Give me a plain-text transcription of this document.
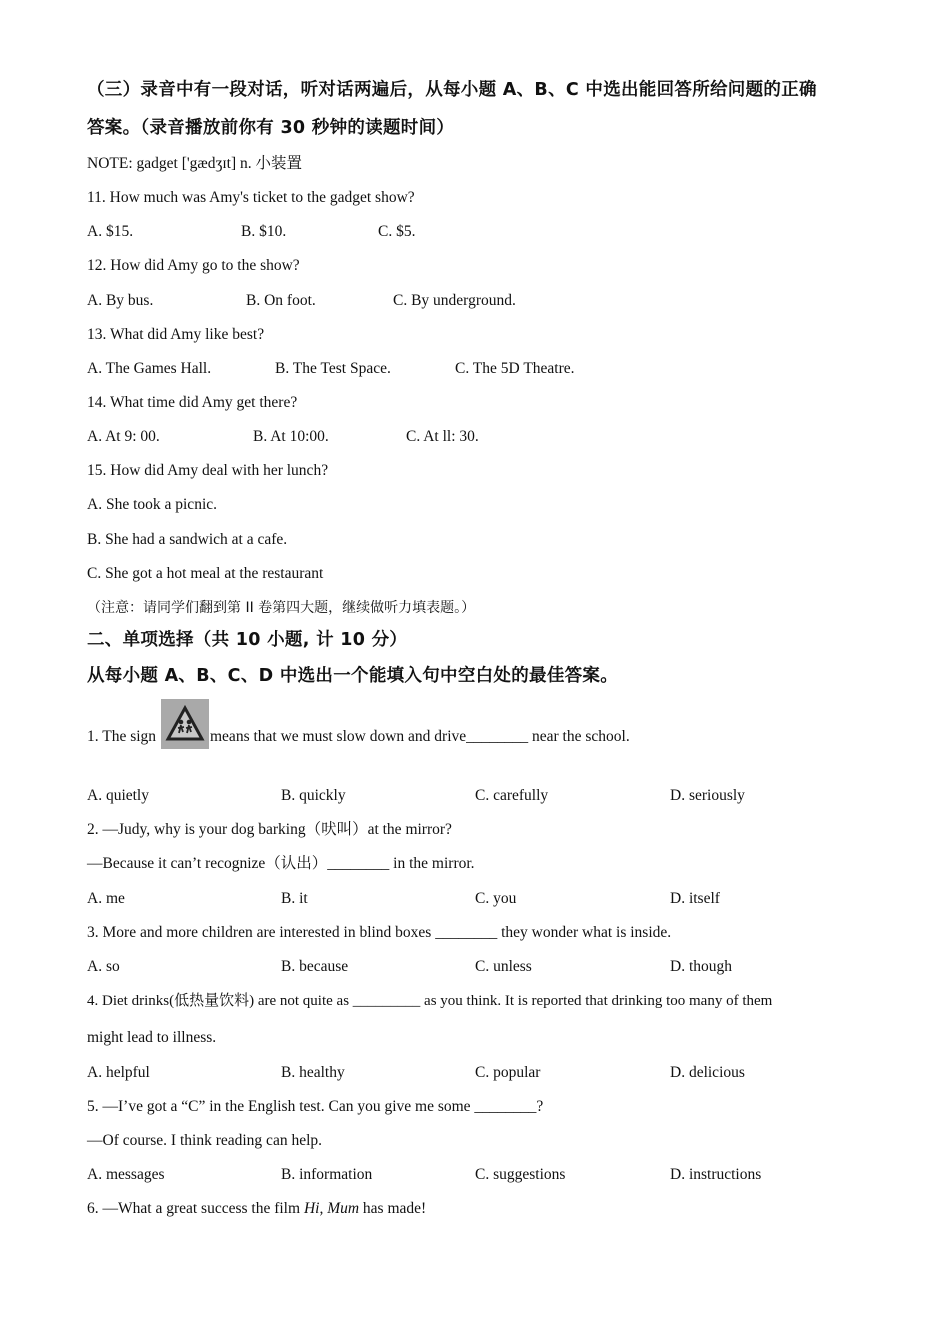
（三）录音中有一段对话，听对话两遍后，从每小题 A、B、C 中选出能回答所给问题的正确
答案。（录音播放前你有 30 秒钟的读题时间）
NOTE: gadget ['gædʒɪt] n. 小装置
11. How much was Amy's ticket to the gadget show?
A. $15.	B. $10.	C. $5.
12. How did Amy go to the show?
A. By bus.	B. On foot.	C. By underground.
13. What did Amy like best?
A. The Games Hall.	B. The Test Space.	C. The 5D Theatre.
14. What time did Amy get there?
A. At 9: 00.	B. At 10:00.	C. At ll: 30.
15. How did Amy deal with her lunch?
A. She took a picnic.
B. She had a sandwich at a cafe.
C. She got a hot meal at the restaurant
（注意：请同学们翻到第 II 卷第四大题，继续做听力填表题。）
二、单项选择（共 10 小题, 计 10 分）
从每小题 A、B、C、D 中选出一个能填入句中空白处的最佳答案。
1. The sign	means that we must slow down and drive________ near the school.
A. quietly	B. quickly	C. carefully	D. seriously
2. —Judy, why is your dog barking（吠叫）at the mirror?
—Because it can’t recognize（认出）________ in the mirror.
A. me	B. it	C. you	D. itself
3. More and more children are interested in blind boxes ________ they wonder what is inside.
A. so	B. because	C. unless	D. though
4. Diet drinks(低热量饮料) are not quite as _________ as you think. It is reported that drinking too many of them
might lead to illness.
A. helpful	B. healthy	C. popular	D. delicious
5. —I’ve got a “C” in the English test. Can you give me some ________?
—Of course. I think reading can help.
A. messages	B. information	C. suggestions	D. instructions
6. —What a great success the film Hi, Mum has made!
